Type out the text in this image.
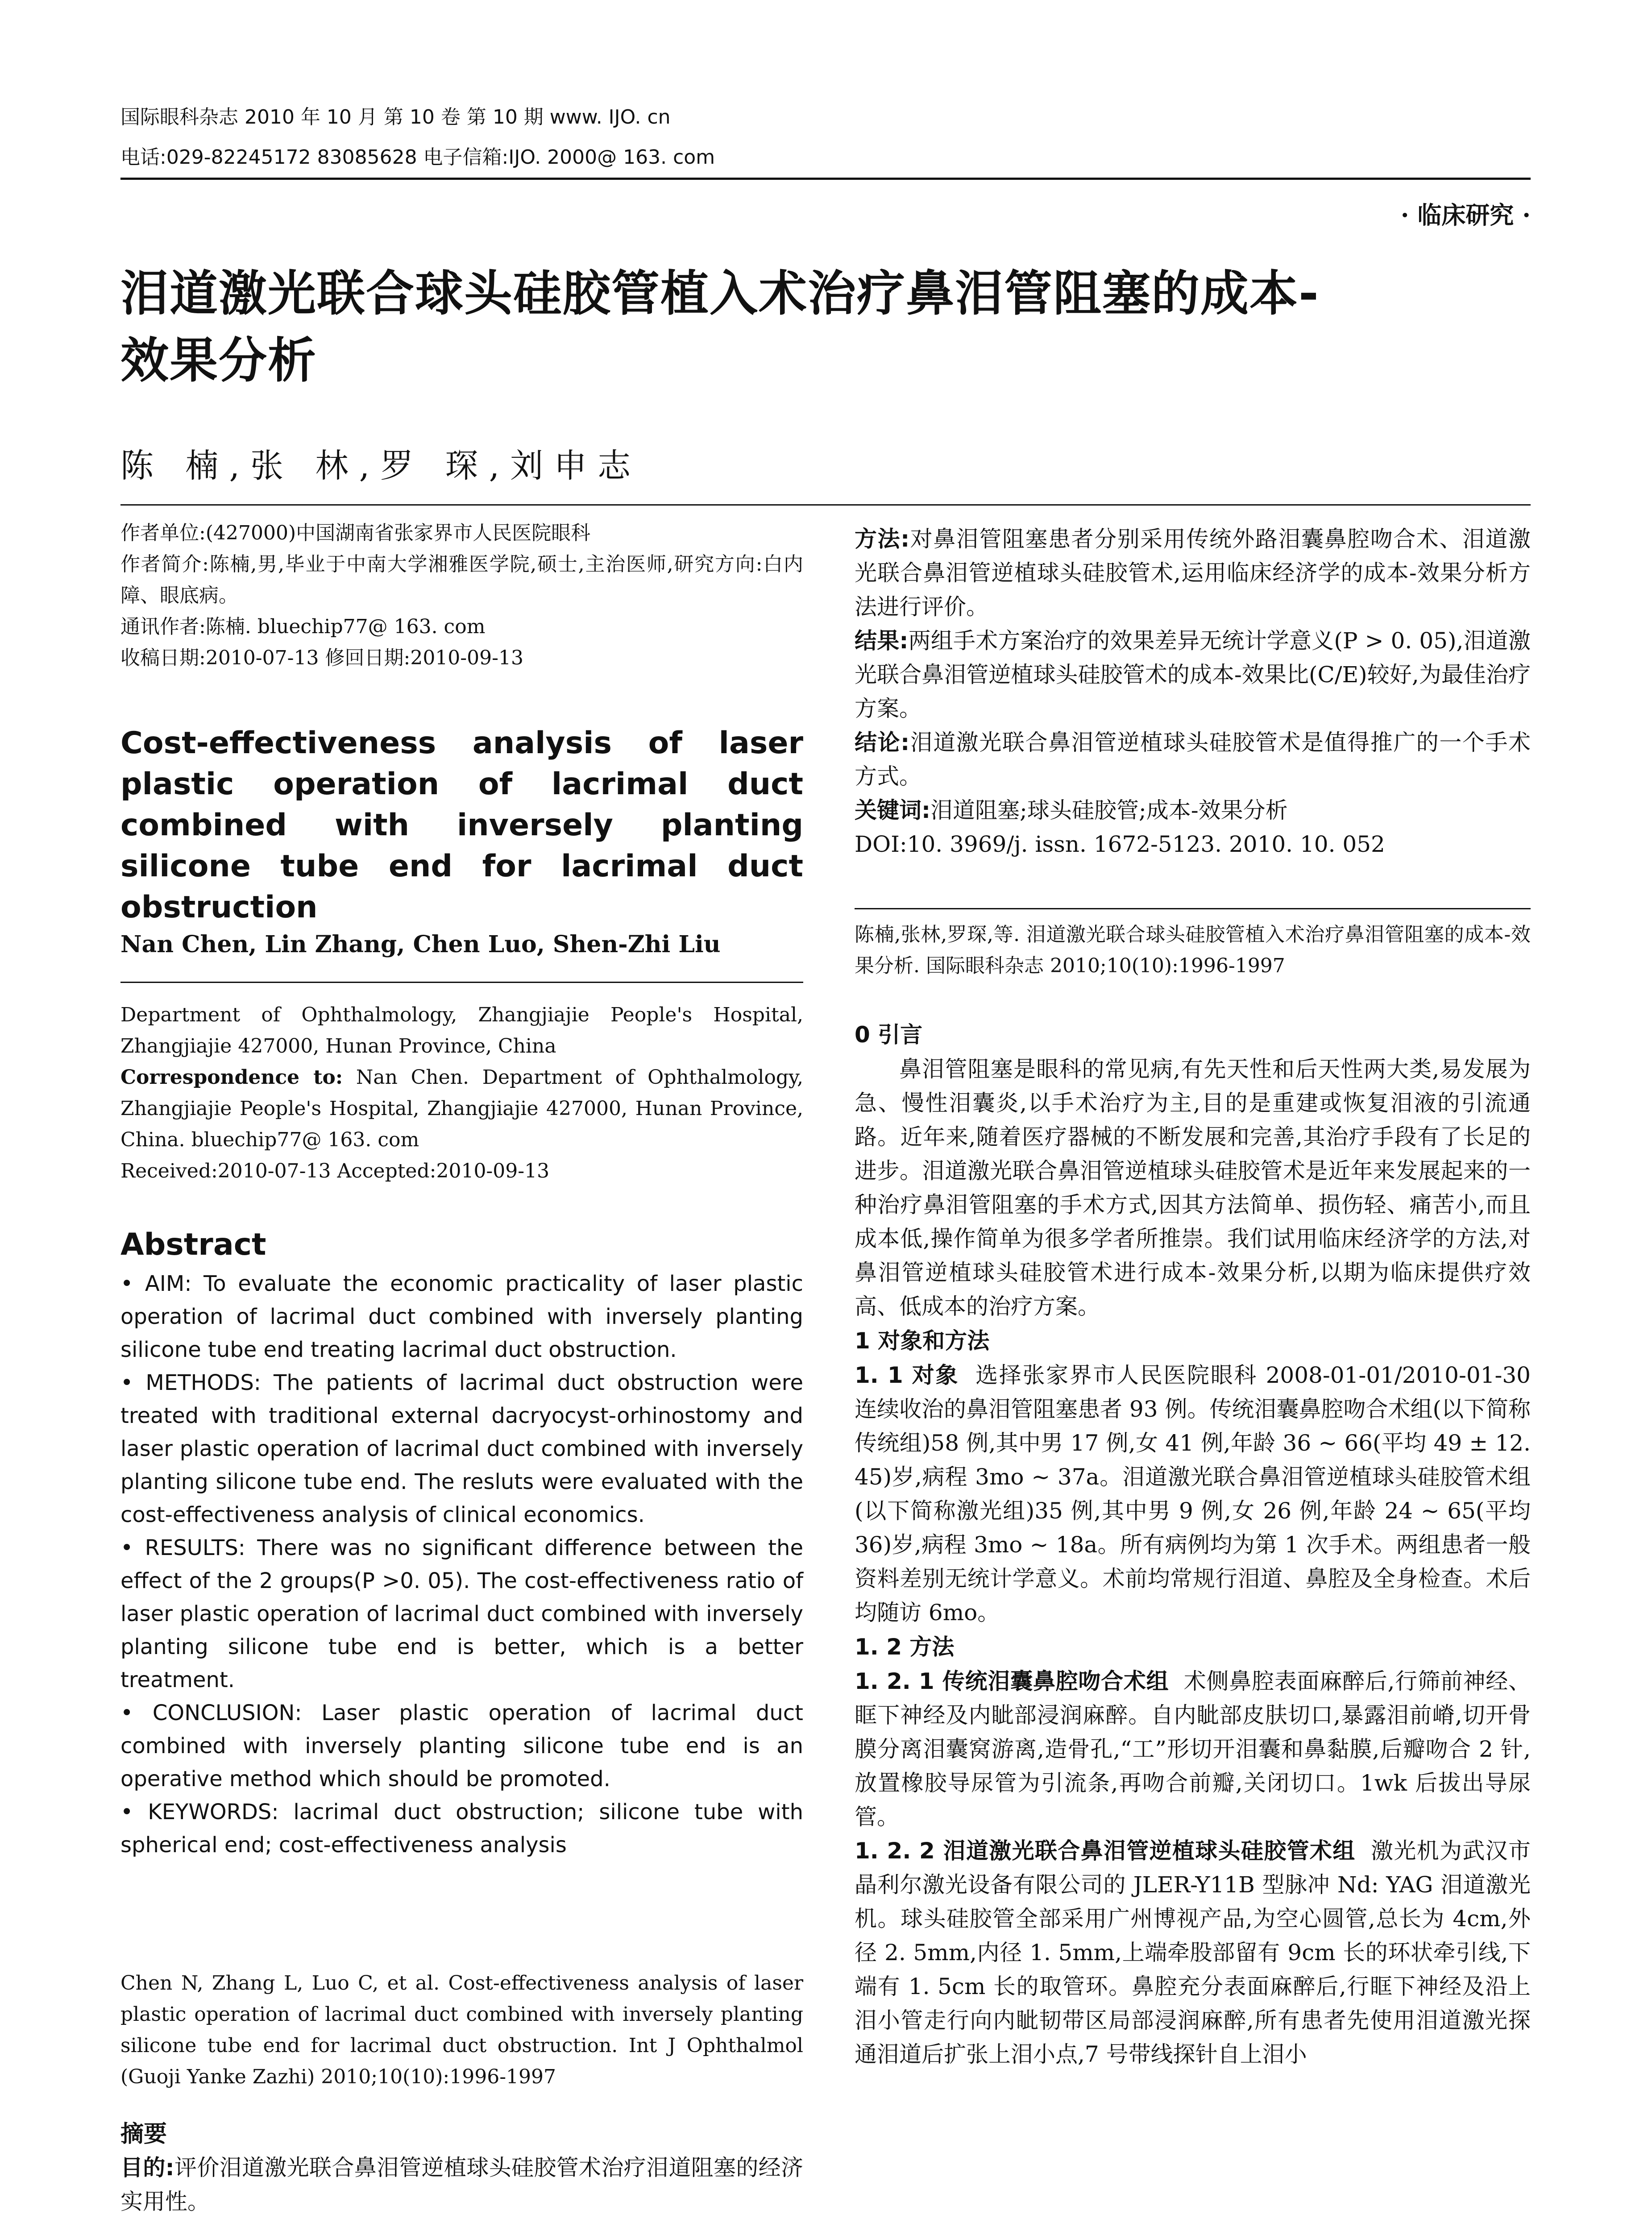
国际眼科杂志 2010 年 10 月 第 10 卷 第 10 期 www. IJO. cn
电话:029-82245172 83085628 电子信箱:IJO. 2000@ 163. com
· 临床研究 ·
泪道激光联合球头硅胶管植入术治疗鼻泪管阻塞的成本-
效果分析
陈 楠,张 林,罗 琛,刘申志

作者单位:(427000)中国湖南省张家界市人民医院眼科

作者简介:陈楠,男,毕业于中南大学湘雅医学院,硕士,主治医师,研究方向:白内障、眼底病。

通讯作者:陈楠. bluechip77@ 163. com

收稿日期:2010-07-13 修回日期:2010-09-13

Cost-effectiveness analysis of laser plastic operation of lacrimal duct combined with inversely planting silicone tube end for lacrimal duct obstruction
Nan Chen, Lin Zhang, Chen Luo, Shen-Zhi Liu

Department of Ophthalmology, Zhangjiajie People's Hospital, Zhangjiajie 427000, Hunan Province, China

Correspondence to: Nan Chen. Department of Ophthalmology, Zhangjiajie People's Hospital, Zhangjiajie 427000, Hunan Province, China. bluechip77@ 163. com

Received:2010-07-13 Accepted:2010-09-13

Abstract

• AIM: To evaluate the economic practicality of laser plastic operation of lacrimal duct combined with inversely planting silicone tube end treating lacrimal duct obstruction.

• METHODS: The patients of lacrimal duct obstruction were treated with traditional external dacryocyst-orhinostomy and laser plastic operation of lacrimal duct combined with inversely planting silicone tube end. The resluts were evaluated with the cost-effectiveness analysis of clinical economics.

• RESULTS: There was no significant difference between the effect of the 2 groups(P >0. 05). The cost-effectiveness ratio of laser plastic operation of lacrimal duct combined with inversely planting silicone tube end is better, which is a better treatment.

• CONCLUSION: Laser plastic operation of lacrimal duct combined with inversely planting silicone tube end is an operative method which should be promoted.

• KEYWORDS: lacrimal duct obstruction; silicone tube with spherical end; cost-effectiveness analysis

Chen N, Zhang L, Luo C, et al. Cost-effectiveness analysis of laser plastic operation of lacrimal duct combined with inversely planting silicone tube end for lacrimal duct obstruction. Int J Ophthalmol (Guoji Yanke Zazhi) 2010;10(10):1996-1997
摘要
目的:评价泪道激光联合鼻泪管逆植球头硅胶管术治疗泪道阻塞的经济实用性。

方法:对鼻泪管阻塞患者分别采用传统外路泪囊鼻腔吻合术、泪道激光联合鼻泪管逆植球头硅胶管术,运用临床经济学的成本-效果分析方法进行评价。

结果:两组手术方案治疗的效果差异无统计学意义(P > 0. 05),泪道激光联合鼻泪管逆植球头硅胶管术的成本-效果比(C/E)较好,为最佳治疗方案。

结论:泪道激光联合鼻泪管逆植球头硅胶管术是值得推广的一个手术方式。

关键词:泪道阻塞;球头硅胶管;成本-效果分析

DOI:10. 3969/j. issn. 1672-5123. 2010. 10. 052

陈楠,张林,罗琛,等. 泪道激光联合球头硅胶管植入术治疗鼻泪管阻塞的成本-效果分析. 国际眼科杂志 2010;10(10):1996-1997

0 引言

鼻泪管阻塞是眼科的常见病,有先天性和后天性两大类,易发展为急、慢性泪囊炎,以手术治疗为主,目的是重建或恢复泪液的引流通路。近年来,随着医疗器械的不断发展和完善,其治疗手段有了长足的进步。泪道激光联合鼻泪管逆植球头硅胶管术是近年来发展起来的一种治疗鼻泪管阻塞的手术方式,因其方法简单、损伤轻、痛苦小,而且成本低,操作简单为很多学者所推崇。我们试用临床经济学的方法,对鼻泪管逆植球头硅胶管术进行成本-效果分析,以期为临床提供疗效高、低成本的治疗方案。

1 对象和方法

1. 1 对象 选择张家界市人民医院眼科 2008-01-01/2010-01-30 连续收治的鼻泪管阻塞患者 93 例。传统泪囊鼻腔吻合术组(以下简称传统组)58 例,其中男 17 例,女 41 例,年龄 36 ~ 66(平均 49 ± 12. 45)岁,病程 3mo ~ 37a。泪道激光联合鼻泪管逆植球头硅胶管术组(以下简称激光组)35 例,其中男 9 例,女 26 例,年龄 24 ~ 65(平均 36)岁,病程 3mo ~ 18a。所有病例均为第 1 次手术。两组患者一般资料差别无统计学意义。术前均常规行泪道、鼻腔及全身检查。术后均随访 6mo。

1. 2 方法

1. 2. 1 传统泪囊鼻腔吻合术组 术侧鼻腔表面麻醉后,行筛前神经、眶下神经及内眦部浸润麻醉。自内眦部皮肤切口,暴露泪前嵴,切开骨膜分离泪囊窝游离,造骨孔,“工”形切开泪囊和鼻黏膜,后瓣吻合 2 针,放置橡胶导尿管为引流条,再吻合前瓣,关闭切口。1wk 后拔出导尿管。

1. 2. 2 泪道激光联合鼻泪管逆植球头硅胶管术组 激光机为武汉市晶利尔激光设备有限公司的 JLER-Y11B 型脉冲 Nd: YAG 泪道激光机。球头硅胶管全部采用广州博视产品,为空心圆管,总长为 4cm,外径 2. 5mm,内径 1. 5mm,上端牵股部留有 9cm 长的环状牵引线,下端有 1. 5cm 长的取管环。鼻腔充分表面麻醉后,行眶下神经及沿上泪小管走行向内眦韧带区局部浸润麻醉,所有患者先使用泪道激光探通泪道后扩张上泪小点,7 号带线探针自上泪小
